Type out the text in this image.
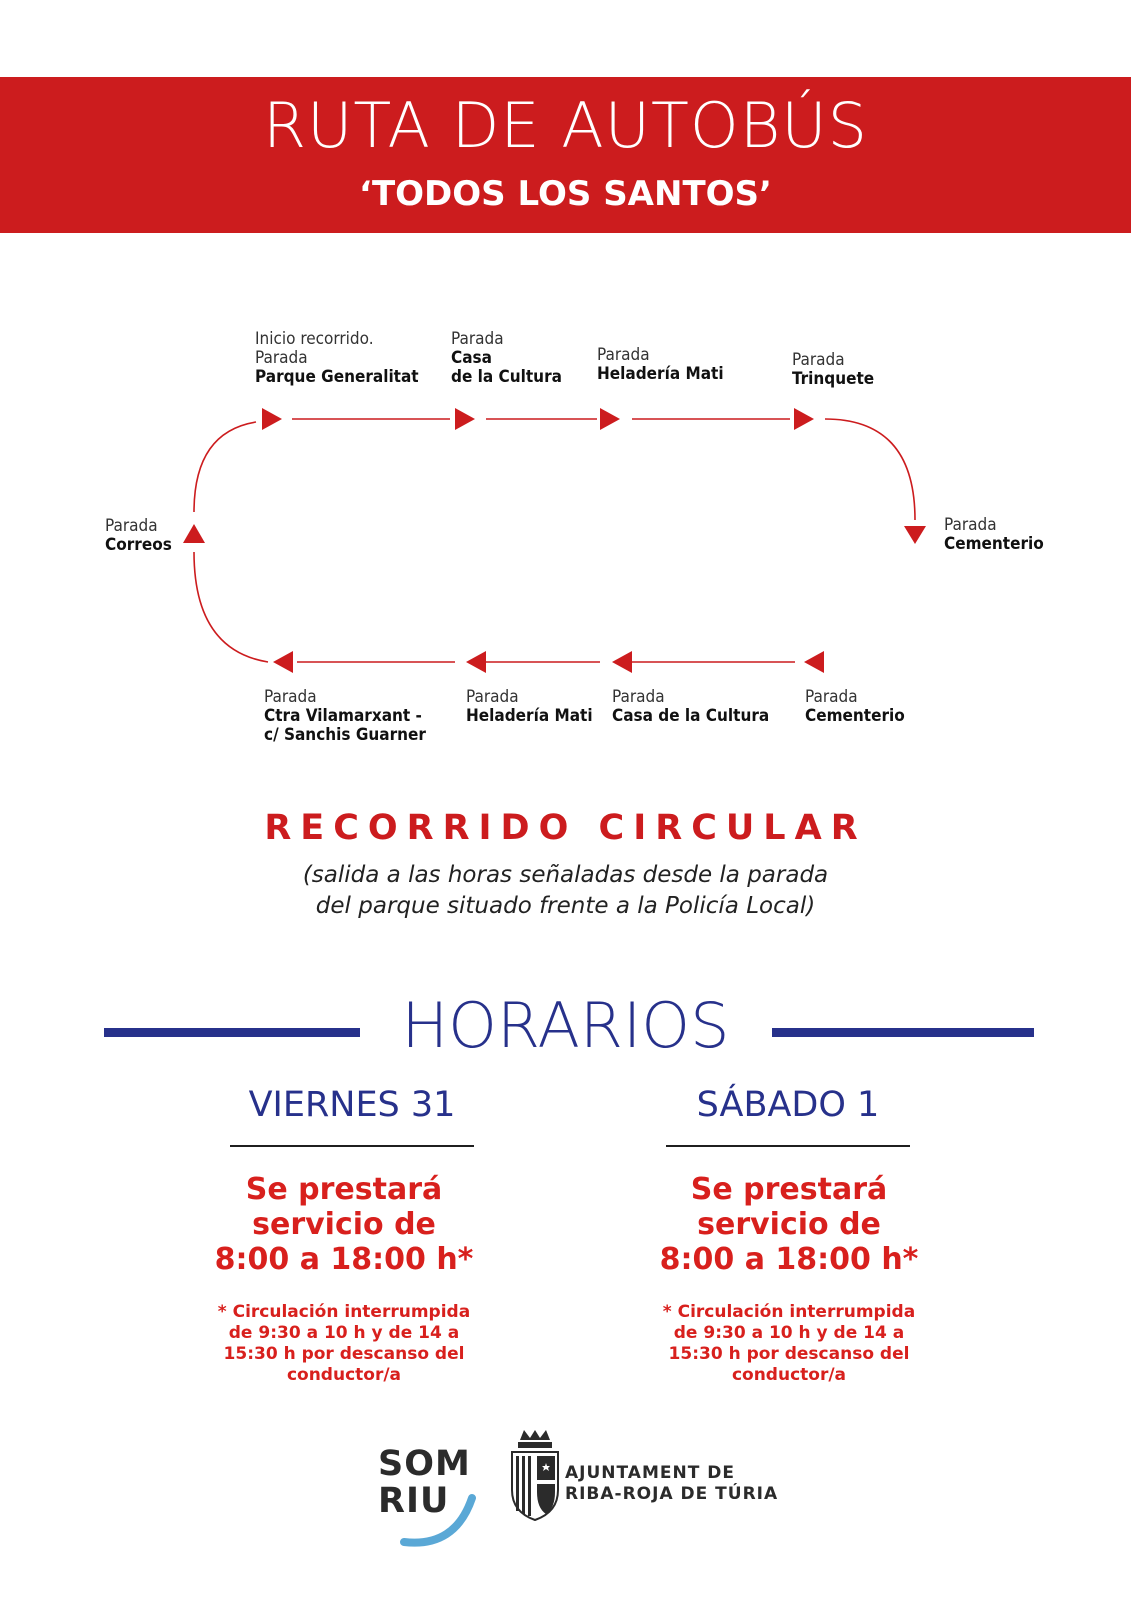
RUTA DE AUTOBÚS
‘TODOS LOS SANTOS’
Inicio recorrido.
Parada
Parque Generalitat
Parada
Casa
de la Cultura
Parada
Heladería Mati
Parada
Trinquete
Parada
Cementerio
Parada
Cementerio
Parada
Casa de la Cultura
Parada
Heladería Mati
Parada
Ctra Vilamarxant -
c/ Sanchis Guarner
Parada
Correos
RECORRIDO CIRCULAR
(salida a las horas señaladas desde la parada
del parque situado frente a la Policía Local)
HORARIOS
VIERNES 31
Se prestará
servicio de
8:00 a 18:00 h*
* Circulación interrumpida
de 9:30 a 10 h y de 14 a
15:30 h por descanso del
conductor/a
SÁBADO 1
Se prestará
servicio de
8:00 a 18:00 h*
* Circulación interrumpida
de 9:30 a 10 h y de 14 a
15:30 h por descanso del
conductor/a
SOM
RIU
AJUNTAMENT DE
RIBA-ROJA DE TÚRIA
